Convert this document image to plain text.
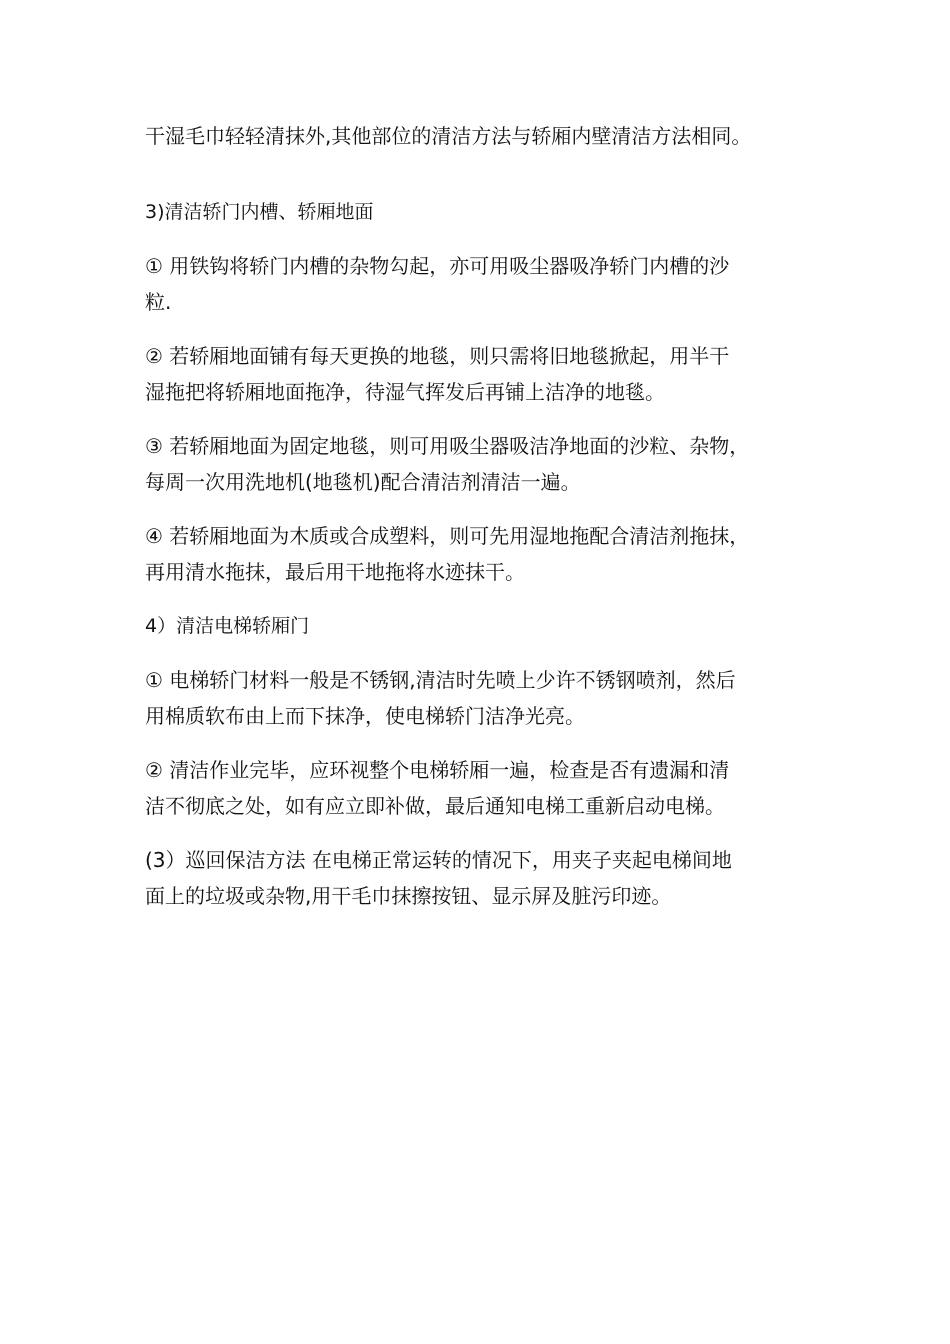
干湿毛巾轻轻清抹外,其他部位的清洁方法与轿厢内壁清洁方法相同。
3)清洁轿门内槽、轿厢地面
① 用铁钩将轿门内槽的杂物勾起，亦可用吸尘器吸净轿门内槽的沙
粒.
② 若轿厢地面铺有每天更换的地毯，则只需将旧地毯掀起，用半干
湿拖把将轿厢地面拖净，待湿气挥发后再铺上洁净的地毯。
③ 若轿厢地面为固定地毯，则可用吸尘器吸洁净地面的沙粒、杂物，
每周一次用洗地机(地毯机)配合清洁剂清洁一遍。
④ 若轿厢地面为木质或合成塑料，则可先用湿地拖配合清洁剂拖抹，
再用清水拖抹，最后用干地拖将水迹抹干。
4）清洁电梯轿厢门
① 电梯轿门材料一般是不锈钢,清洁时先喷上少许不锈钢喷剂，然后
用棉质软布由上而下抹净，使电梯轿门洁净光亮。
② 清洁作业完毕，应环视整个电梯轿厢一遍，检查是否有遗漏和清
洁不彻底之处，如有应立即补做，最后通知电梯工重新启动电梯。
(3）巡回保洁方法 在电梯正常运转的情况下，用夹子夹起电梯间地
面上的垃圾或杂物,用干毛巾抹擦按钮、显示屏及脏污印迹。
